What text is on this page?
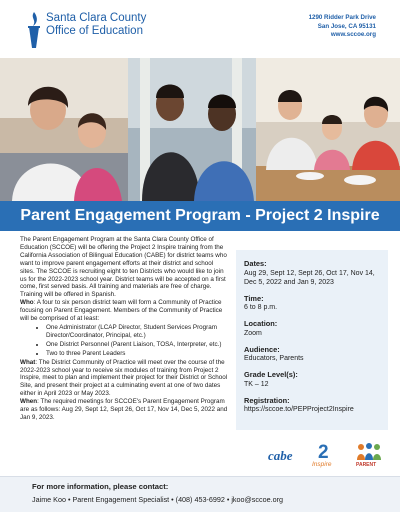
Santa Clara County
Office of Education
1290 Ridder Park Drive
San Jose, CA 95131
www.sccoe.org
Parent Engagement Program - Project 2 Inspire

The Parent Engagement Program at the Santa Clara County Office of Education (SCCOE) will be offering the Project 2 Inspire training from the California Association of Bilingual Education (CABE) for district teams who want to improve parent engagement efforts at their district and school sites. The SCCOE is recruiting eight to ten Districts who would like to join us for the 2022-2023 school year. District teams will be accepted on a first come, first served basis. All training and materials are free of charge. Training will be offered in Spanish.

Who: A four to six person district team will form a Community of Practice focusing on Parent Engagement. Members of the Community of Practice will be comprised of at least:

• One Administrator (LCAP Director, Student Services Program Director/Coordinator, Principal, etc.)
• One District Personnel (Parent Liaison, TOSA, Interpreter, etc.)
• Two to three Parent Leaders

What: The District Community of Practice will meet over the course of the 2022-2023 school year to receive six modules of training from Project 2 Inspire, meet to plan and implement their project for their District or School Site, and present their project at a culminating event at one of two dates either in April 2023 or May 2023.

When: The required meetings for SCCOE's Parent Engagement Program are as follows: Aug 29, Sept 12, Sept 26, Oct 17, Nov 14, Dec 5, 2022 and Jan 9, 2023.

Dates:
Aug 29, Sept 12, Sept 26, Oct 17, Nov 14, Dec 5, 2022 and Jan 9, 2023
Time:
6 to 8 p.m.
Location:
Zoom
Audience:
Educators, Parents
Grade Level(s):
TK – 12
Registration:
https://sccoe.to/PEPProject2Inspire
cabe 2
Inspire	PARENT
For more information, please contact:
Jaime Koo • Parent Engagement Specialist • (408) 453-6992 • jkoo@sccoe.org
